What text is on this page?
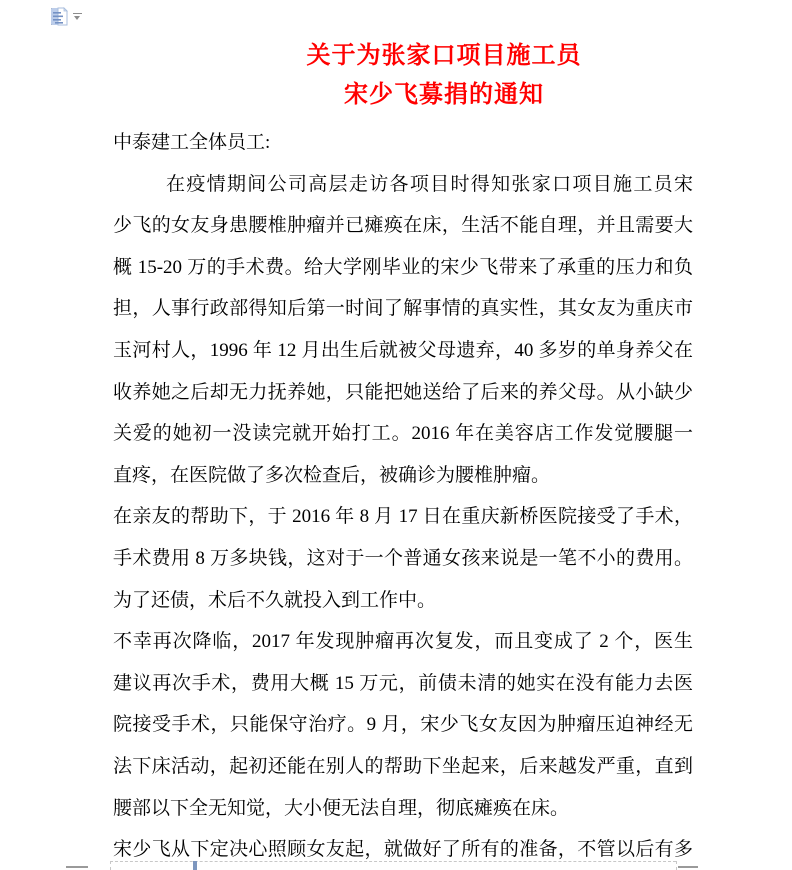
关于为张家口项目施工员
宋少飞募捐的通知
中泰建工全体员工:
在疫情期间公司高层走访各项目时得知张家口项目施工员宋
少飞的女友身患腰椎肿瘤并已瘫痪在床，生活不能自理，并且需要大
概 15-20 万的手术费。给大学刚毕业的宋少飞带来了承重的压力和负
担，人事行政部得知后第一时间了解事情的真实性，其女友为重庆市
玉河村人，1996 年 12 月出生后就被父母遗弃，40 多岁的单身养父在
收养她之后却无力抚养她，只能把她送给了后来的养父母。从小缺少
关爱的她初一没读完就开始打工。2016 年在美容店工作发觉腰腿一
直疼，在医院做了多次检查后，被确诊为腰椎肿瘤。
在亲友的帮助下，于 2016 年 8 月 17 日在重庆新桥医院接受了手术，
手术费用 8 万多块钱，这对于一个普通女孩来说是一笔不小的费用。
为了还债，术后不久就投入到工作中。
不幸再次降临，2017 年发现肿瘤再次复发，而且变成了 2 个，医生
建议再次手术，费用大概 15 万元，前债未清的她实在没有能力去医
院接受手术，只能保守治疗。9 月，宋少飞女友因为肿瘤压迫神经无
法下床活动，起初还能在别人的帮助下坐起来，后来越发严重，直到
腰部以下全无知觉，大小便无法自理，彻底瘫痪在床。
宋少飞从下定决心照顾女友起，就做好了所有的准备，不管以后有多
